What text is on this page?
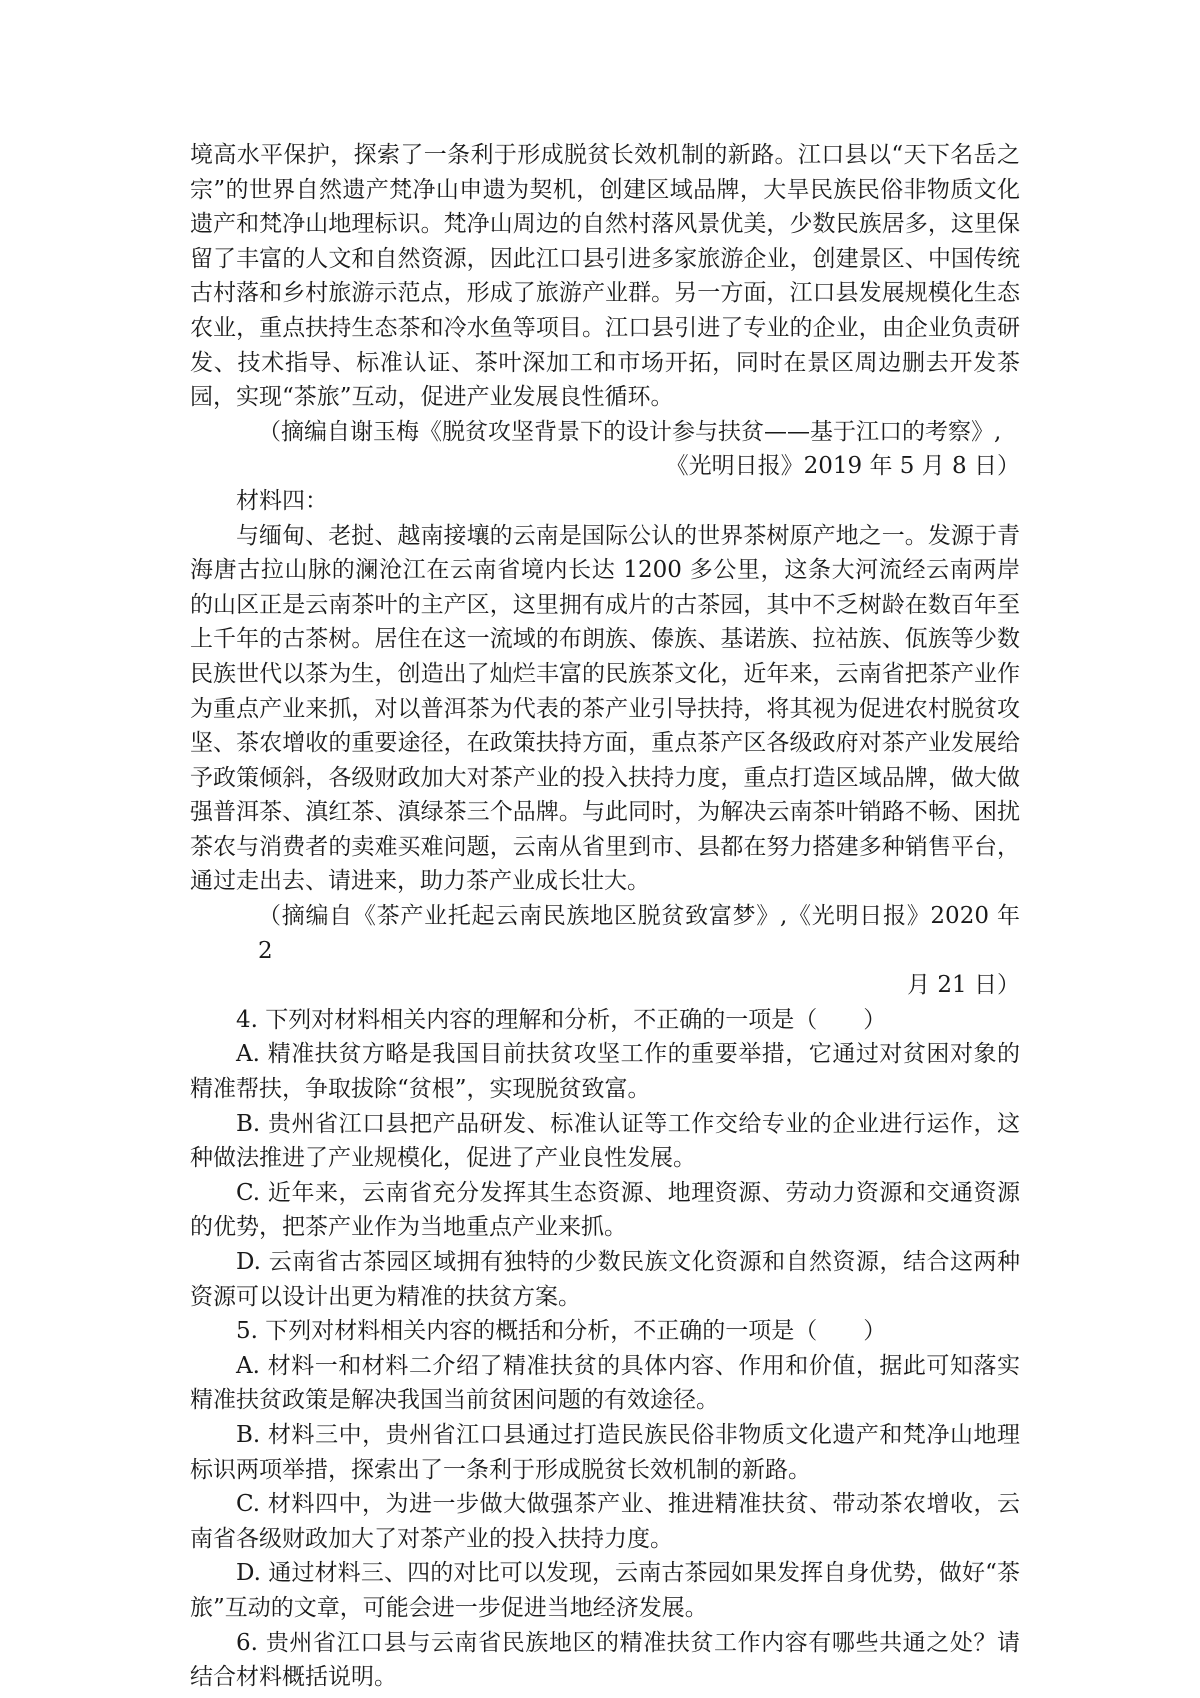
境高水平保护，探索了一条利于形成脱贫长效机制的新路。江口县以“天下名岳之宗”的世界自然遗产梵净山申遗为契机，创建区域品牌，大旱民族民俗非物质文化遗产和梵净山地理标识。梵净山周边的自然村落风景优美，少数民族居多，这里保留了丰富的人文和自然资源，因此江口县引进多家旅游企业，创建景区、中国传统古村落和乡村旅游示范点，形成了旅游产业群。另一方面，江口县发展规模化生态农业，重点扶持生态茶和冷水鱼等项目。江口县引进了专业的企业，由企业负责研发、技术指导、标准认证、茶叶深加工和市场开拓，同时在景区周边删去开发茶园，实现“茶旅”互动，促进产业发展良性循环。

（摘编自谢玉梅《脱贫攻坚背景下的设计参与扶贫——基于江口的考察》,

《光明日报》2019 年 5 月 8 日）

材料四：

与缅甸、老挝、越南接壤的云南是国际公认的世界茶树原产地之一。发源于青海唐古拉山脉的澜沧江在云南省境内长达 1200 多公里，这条大河流经云南两岸的山区正是云南茶叶的主产区，这里拥有成片的古茶园，其中不乏树龄在数百年至上千年的古茶树。居住在这一流域的布朗族、傣族、基诺族、拉祜族、佤族等少数民族世代以茶为生，创造出了灿烂丰富的民族茶文化，近年来，云南省把茶产业作为重点产业来抓，对以普洱茶为代表的茶产业引导扶持，将其视为促进农村脱贫攻坚、茶农增收的重要途径，在政策扶持方面，重点茶产区各级政府对茶产业发展给予政策倾斜，各级财政加大对茶产业的投入扶持力度，重点打造区域品牌，做大做强普洱茶、滇红茶、滇绿茶三个品牌。与此同时，为解决云南茶叶销路不畅、困扰茶农与消费者的卖难买难问题，云南从省里到市、县都在努力搭建多种销售平台，通过走出去、请进来，助力茶产业成长壮大。

（摘编自《茶产业托起云南民族地区脱贫致富梦》,《光明日报》2020 年 2

月 21 日）

4. 下列对材料相关内容的理解和分析，不正确的一项是（　　）

A. 精准扶贫方略是我国目前扶贫攻坚工作的重要举措，它通过对贫困对象的精准帮扶，争取拔除“贫根”，实现脱贫致富。

B. 贵州省江口县把产品研发、标准认证等工作交给专业的企业进行运作，这种做法推进了产业规模化，促进了产业良性发展。

C. 近年来，云南省充分发挥其生态资源、地理资源、劳动力资源和交通资源的优势，把茶产业作为当地重点产业来抓。

D. 云南省古茶园区域拥有独特的少数民族文化资源和自然资源，结合这两种资源可以设计出更为精准的扶贫方案。

5. 下列对材料相关内容的概括和分析，不正确的一项是（　　）

A. 材料一和材料二介绍了精准扶贫的具体内容、作用和价值，据此可知落实精准扶贫政策是解决我国当前贫困问题的有效途径。

B. 材料三中，贵州省江口县通过打造民族民俗非物质文化遗产和梵净山地理标识两项举措，探索出了一条利于形成脱贫长效机制的新路。

C. 材料四中，为进一步做大做强茶产业、推进精准扶贫、带动茶农增收，云南省各级财政加大了对茶产业的投入扶持力度。

D. 通过材料三、四的对比可以发现，云南古茶园如果发挥自身优势，做好“茶旅”互动的文章，可能会进一步促进当地经济发展。

6. 贵州省江口县与云南省民族地区的精准扶贫工作内容有哪些共通之处？请结合材料概括说明。
